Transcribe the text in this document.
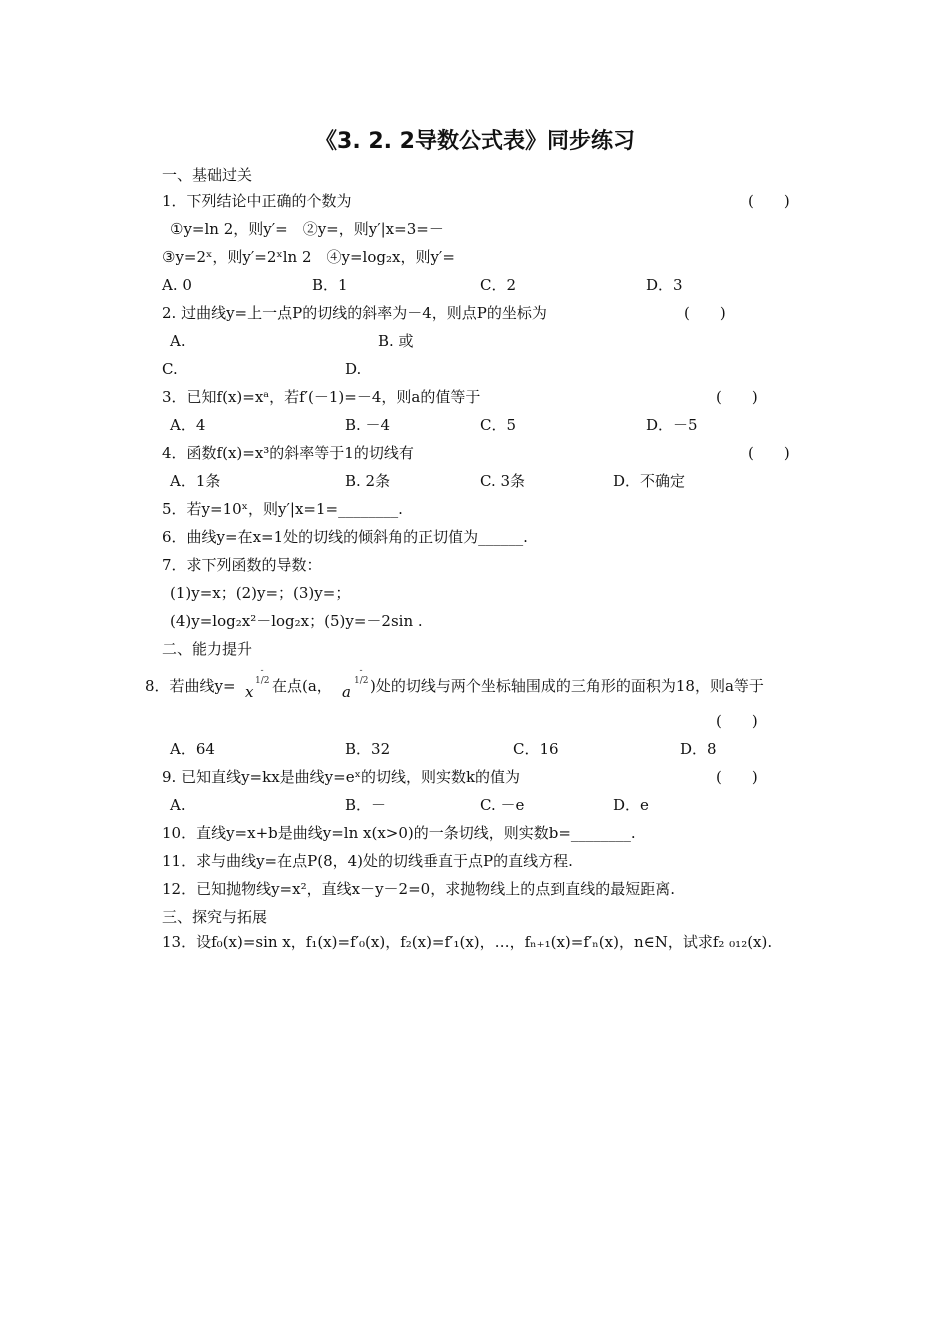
《3. 2. 2导数公式表》同步练习
一、基础过关
1．下列结论中正确的个数为	(　　)
①y=ln 2，则y′=　②y=，则y′|x=3=－
③y=2ˣ，则y′=2ˣln 2　④y=log₂x，则y′=
A. 0	B．1	C．2	D．3
2. 过曲线y=上一点P的切线的斜率为－4，则点P的坐标为	(　　)
A.	B. 或
C.	D.
3．已知f(x)=xᵃ，若f′(－1)=－4，则a的值等于	(　　)
A．4	B. －4	C．5	D．－5
4．函数f(x)=x³的斜率等于1的切线有	(　　)
A．1条	B. 2条	C. 3条	D．不确定
5．若y=10ˣ，则y′|x=1=________.
6．曲线y=在x=1处的切线的倾斜角的正切值为______.
7．求下列函数的导数：
(1)y=x；(2)y=；(3)y=；
(4)y=log₂x²－log₂x；(5)y=－2sin .
二、能力提升
8．若曲线y= x
- 1/2 在点(a， a
- 1/2 )处的切线与两个坐标轴围成的三角形的面积为18，则a等于
(　　)
A．64	B．32	C．16	D．8
9. 已知直线y=kx是曲线y=eˣ的切线，则实数k的值为	(　　)
A.	B．－	C. －e	D．e
10．直线y=x+b是曲线y=ln x(x>0)的一条切线，则实数b=________.
11．求与曲线y=在点P(8，4)处的切线垂直于点P的直线方程.
12．已知抛物线y=x²，直线x－y－2=0，求抛物线上的点到直线的最短距离.
三、探究与拓展
13．设f₀(x)=sin x，f₁(x)=f′₀(x)，f₂(x)=f′₁(x)，…，fₙ₊₁(x)=f′ₙ(x)，n∈N，试求f₂ ₀₁₂(x).
